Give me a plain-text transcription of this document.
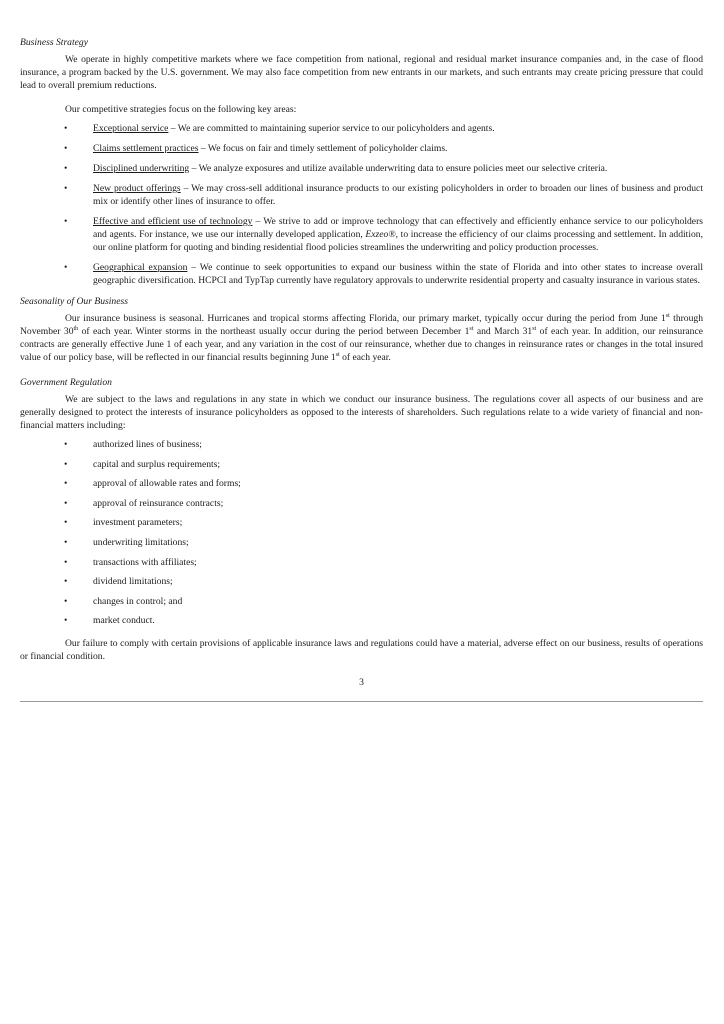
Business Strategy

We operate in highly competitive markets where we face competition from national, regional and residual market insurance companies and, in the case of flood insurance, a program backed by the U.S. government. We may also face competition from new entrants in our markets, and such entrants may create pricing pressure that could lead to overall premium reductions.

Our competitive strategies focus on the following key areas:

•	Exceptional service – We are committed to maintaining superior service to our policyholders and agents.
•	Claims settlement practices – We focus on fair and timely settlement of policyholder claims.
•	Disciplined underwriting – We analyze exposures and utilize available underwriting data to ensure policies meet our selective criteria.
•	New product offerings – We may cross-sell additional insurance products to our existing policyholders in order to broaden our lines of business and product mix or identify other lines of insurance to offer.
•	Effective and efficient use of technology – We strive to add or improve technology that can effectively and efficiently enhance service to our policyholders and agents. For instance, we use our internally developed application, Exzeo®, to increase the efficiency of our claims processing and settlement. In addition, our online platform for quoting and binding residential flood policies streamlines the underwriting and policy production processes.
•	Geographical expansion – We continue to seek opportunities to expand our business within the state of Florida and into other states to increase overall geographic diversification. HCPCI and TypTap currently have regulatory approvals to underwrite residential property and casualty insurance in various states.

Seasonality of Our Business

Our insurance business is seasonal. Hurricanes and tropical storms affecting Florida, our primary market, typically occur during the period from June 1st through November 30th of each year. Winter storms in the northeast usually occur during the period between December 1st and March 31st of each year. In addition, our reinsurance contracts are generally effective June 1 of each year, and any variation in the cost of our reinsurance, whether due to changes in reinsurance rates or changes in the total insured value of our policy base, will be reflected in our financial results beginning June 1st of each year.

Government Regulation

We are subject to the laws and regulations in any state in which we conduct our insurance business. The regulations cover all aspects of our business and are generally designed to protect the interests of insurance policyholders as opposed to the interests of shareholders. Such regulations relate to a wide variety of financial and non-financial matters including:

•	authorized lines of business;
•	capital and surplus requirements;
•	approval of allowable rates and forms;
•	approval of reinsurance contracts;
•	investment parameters;
•	underwriting limitations;
•	transactions with affiliates;
•	dividend limitations;
•	changes in control; and
•	market conduct.

Our failure to comply with certain provisions of applicable insurance laws and regulations could have a material, adverse effect on our business, results of operations or financial condition.

3
